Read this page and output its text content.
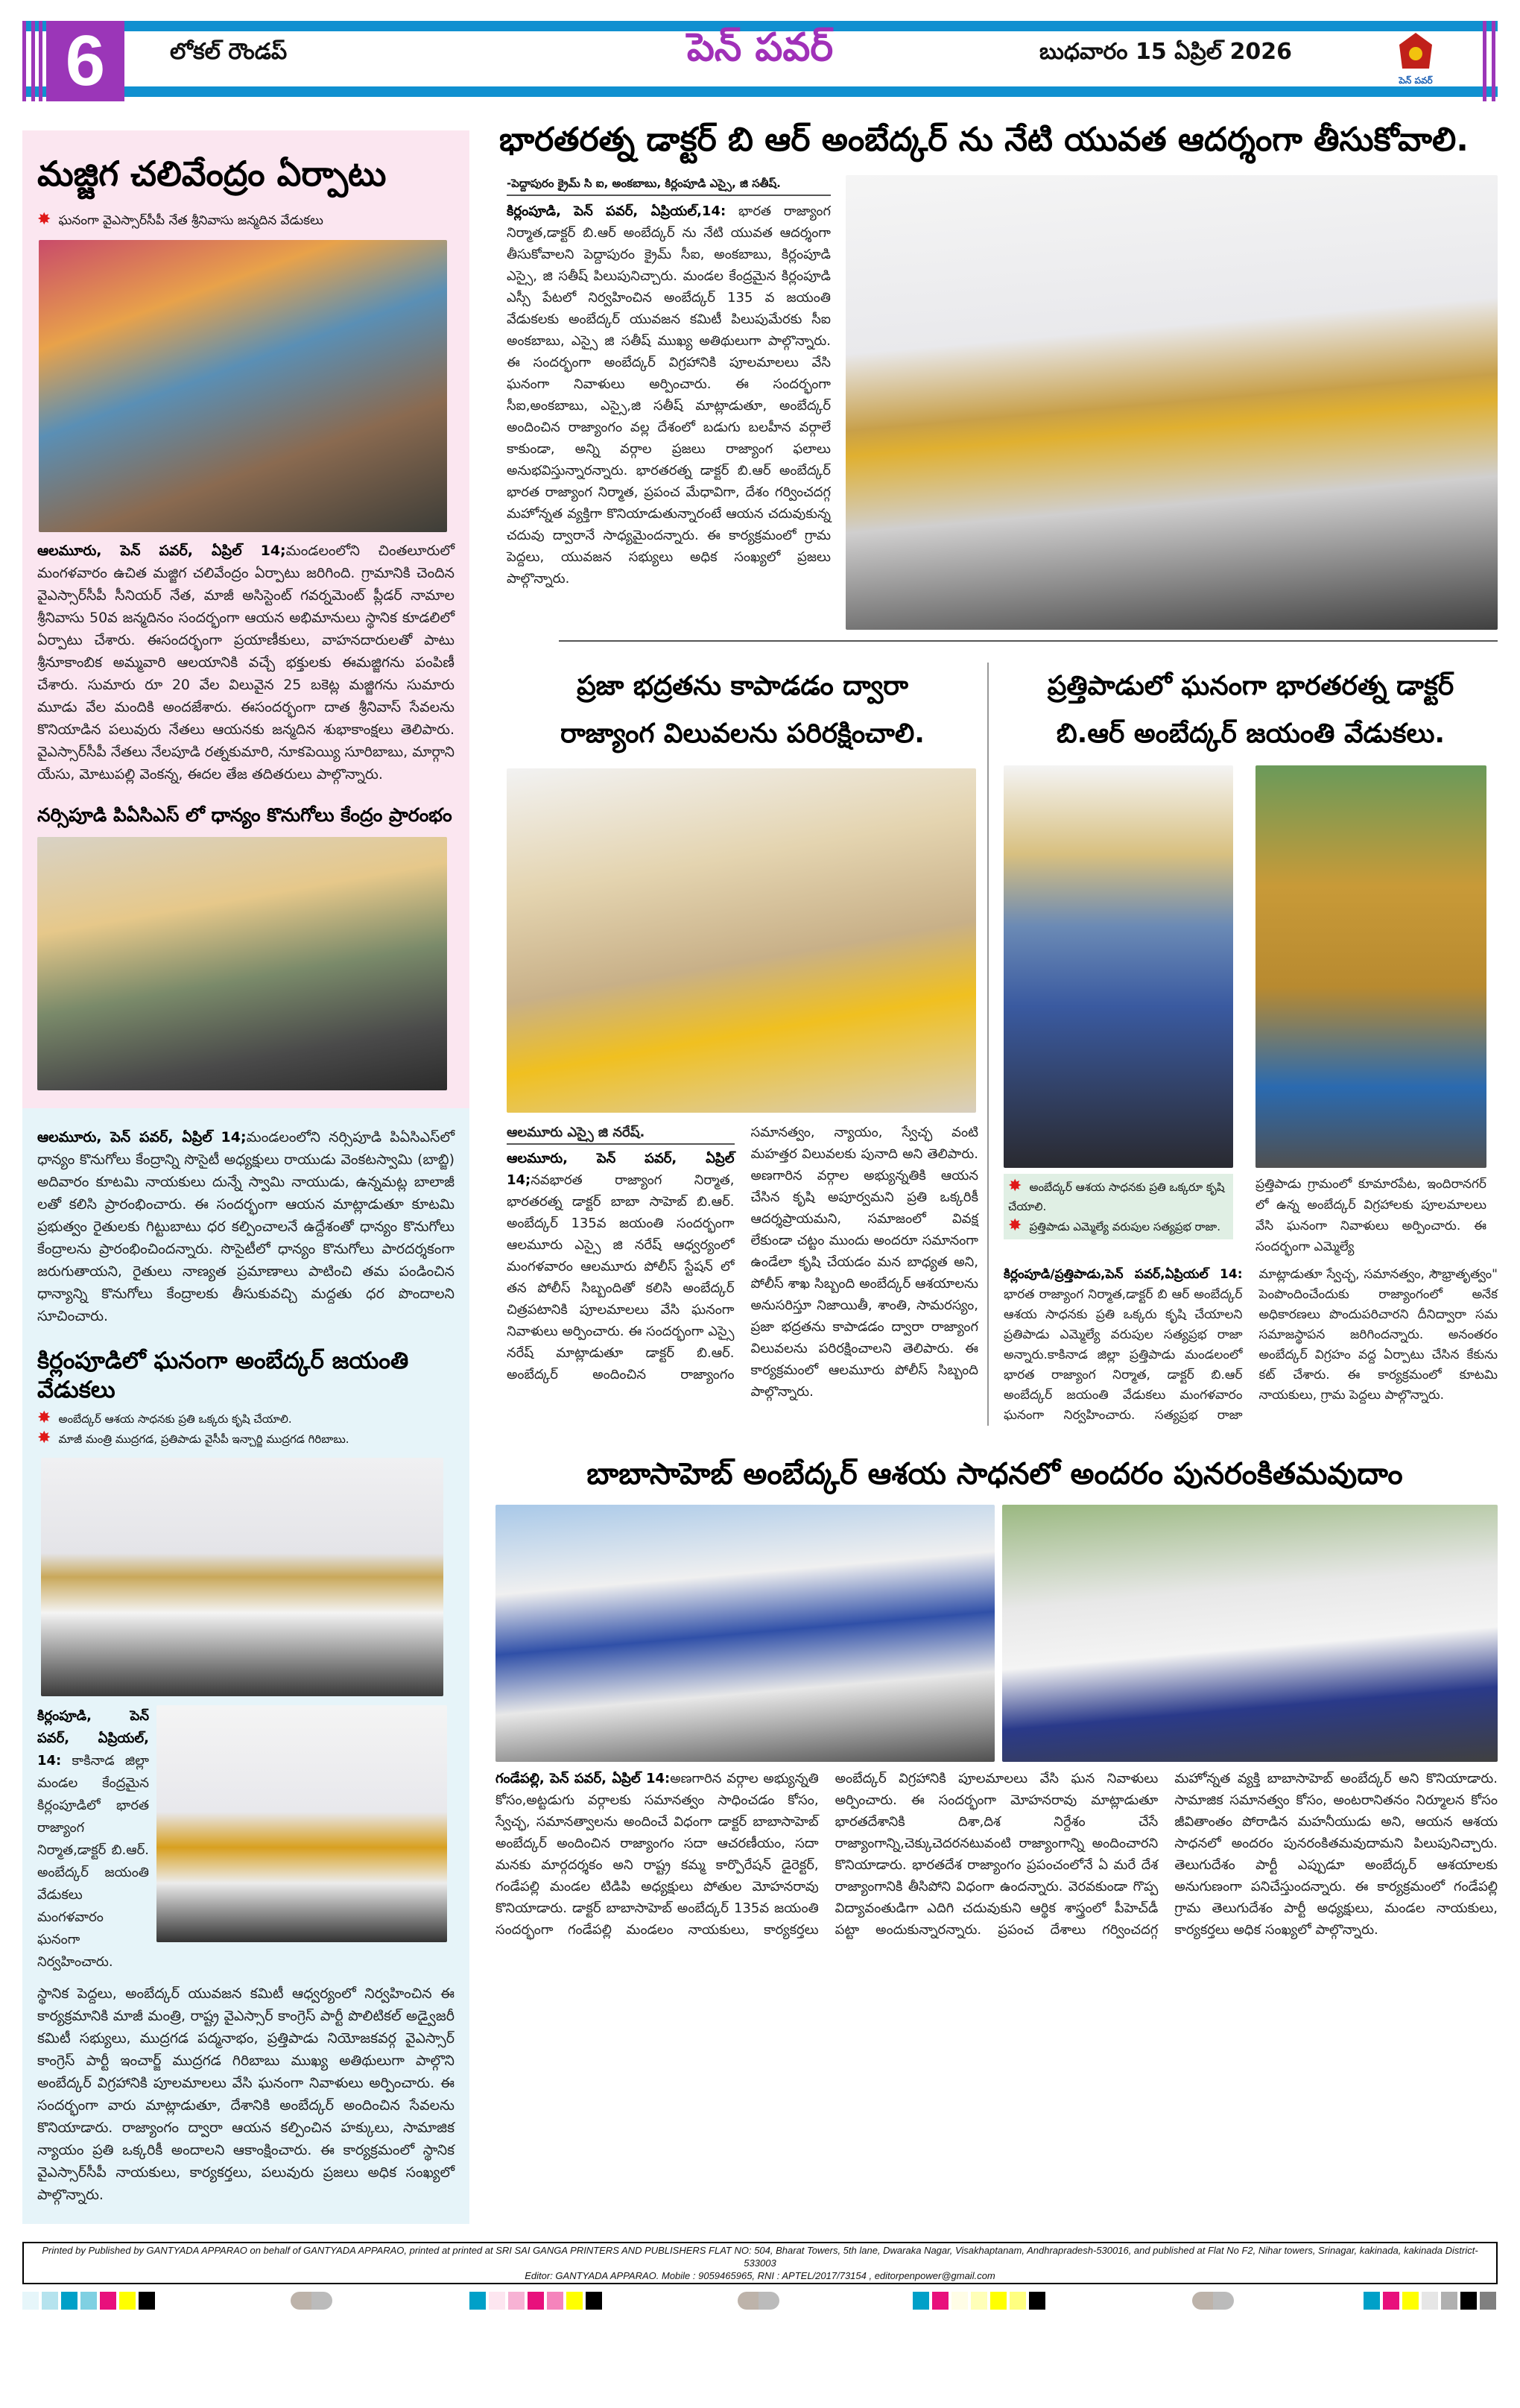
6	లోకల్ రౌండప్	పెన్ పవర్	బుధవారం 15 ఏప్రిల్ 2026
పెన్ పవర్
మజ్జిగ చలివేంద్రం ఏర్పాటు
✸ ఘనంగా వైఎస్సార్‌సీపీ నేత శ్రీనివాసు జన్మదిన వేడుకలు
ఆలమూరు, పెన్ పవర్, ఏప్రిల్ 14;మండలంలోని చింతలూరులో మంగళవారం ఉచిత మజ్జిగ చలివేంద్రం ఏర్పాటు జరిగింది. గ్రామానికి చెందిన వైఎస్సార్‌సీపీ సీనియర్ నేత, మాజీ అసిస్టెంట్ గవర్నమెంట్ ప్లీడర్ నామాల శ్రీనివాసు 50వ జన్మదినం సందర్భంగా ఆయన అభిమానులు స్థానిక కూడలిలో ఏర్పాటు చేశారు. ఈసందర్భంగా ప్రయాణీకులు, వాహనదారులతో పాటు శ్రీనూకాంబిక అమ్మవారి ఆలయానికి వచ్చే భక్తులకు ఈమజ్జిగను పంపిణీ చేశారు. సుమారు రూ 20 వేల విలువైన 25 బకెట్ల మజ్జిగను సుమారు మూడు వేల మందికి అందజేశారు. ఈసందర్భంగా దాత శ్రీనివాస్ సేవలను కొనియాడిన పలువురు నేతలు ఆయనకు జన్మదిన శుభాకాంక్షలు తెలిపారు. వైఎస్సార్‌సీపీ నేతలు నేలపూడి రత్నకుమారి, నూకపెయ్యి సూరిబాబు, మార్గాని యేసు, మోటుపల్లి వెంకన్న, ఈదల తేజ తదితరులు పాల్గొన్నారు.
నర్సిపూడి పిఏసిఎస్ లో ధాన్యం కొనుగోలు కేంద్రం ప్రారంభం
ఆలమూరు, పెన్ పవర్, ఏప్రిల్ 14;మండలంలోని నర్సిపూడి పిఏసిఎస్‌లో ధాన్యం కొనుగోలు కేంద్రాన్ని సొసైటీ అధ్యక్షులు రాయుడు వెంకటస్వామి (బాబ్జి) అదివారం కూటమి నాయకులు దున్నే స్వామి నాయుడు, ఉన్నమట్ల బాలాజీ లతో కలిసి ప్రారంభించారు. ఈ సందర్భంగా ఆయన మాట్లాడుతూ కూటమి ప్రభుత్వం రైతులకు గిట్టుబాటు ధర కల్పించాలనే ఉద్దేశంతో ధాన్యం కొనుగోలు కేంద్రాలను ప్రారంభించిందన్నారు. సొసైటీలో ధాన్యం కొనుగోలు పారదర్శకంగా జరుగుతాయని, రైతులు నాణ్యత ప్రమాణాలు పాటించి తమ పండించిన ధాన్యాన్ని కొనుగోలు కేంద్రాలకు తీసుకువచ్చి మద్దతు ధర పొందాలని సూచించారు.
కిర్లంపూడిలో ఘనంగా అంబేద్కర్ జయంతి వేడుకలు
✸ అంబేద్కర్ ఆశయ సాధనకు ప్రతి ఒక్కరు కృషి చేయాలి.
✸ మాజీ మంత్రి ముద్రగడ, ప్రతిపాడు వైసీపీ ఇన్చార్జి ముద్రగడ గిరిబాబు.
కిర్లంపూడి, పెన్ పవర్, ఏప్రియల్, 14: కాకినాడ జిల్లా మండల కేంద్రమైన కిర్లంపూడిలో భారత రాజ్యాంగ నిర్మాత,డాక్టర్ బి.ఆర్. అంబేద్కర్ జయంతి వేడుకలు మంగళవారం ఘనంగా నిర్వహించారు.
స్థానిక పెద్దలు, అంబేద్కర్ యువజన కమిటీ ఆధ్వర్యంలో నిర్వహించిన ఈ కార్యక్రమానికి మాజీ మంత్రి, రాష్ట్ర వైఎస్సార్ కాంగ్రెస్ పార్టీ పొలిటికల్ అడ్వైజరీ కమిటీ సభ్యులు, ముద్రగడ పద్మనాభం, ప్రత్తిపాడు నియోజకవర్గ వైఎస్సార్ కాంగ్రెస్ పార్టీ ఇంచార్జ్ ముద్రగడ గిరిబాబు ముఖ్య అతిథులుగా పాల్గొని అంబేద్కర్ విగ్రహానికి పూలమాలలు వేసి ఘనంగా నివాళులు అర్పించారు. ఈ సందర్భంగా వారు మాట్లాడుతూ, దేశానికి అంబేద్కర్ అందించిన సేవలను కొనియాడారు. రాజ్యాంగం ద్వారా ఆయన కల్పించిన హక్కులు, సామాజిక న్యాయం ప్రతి ఒక్కరికీ అందాలని ఆకాంక్షించారు. ఈ కార్యక్రమంలో స్థానిక వైఎస్సార్‌సీపీ నాయకులు, కార్యకర్తలు, పలువురు ప్రజలు అధిక సంఖ్యలో పాల్గొన్నారు.
భారతరత్న డాక్టర్ బి ఆర్ అంబేద్కర్ ను నేటి యువత ఆదర్శంగా తీసుకోవాలి.
-పెద్దాపురం క్రైమ్ సి ఐ, అంకబాబు, కిర్లంపూడి ఎస్సై, జి సతీష్.
కిర్లంపూడి, పెన్ పవర్, ఏప్రియల్,14: భారత రాజ్యాంగ నిర్మాత,డాక్టర్ బి.ఆర్ అంబేద్కర్ ను నేటి యువత ఆదర్శంగా తీసుకోవాలని పెద్దాపురం క్రైమ్ సీఐ, అంకబాబు, కిర్లంపూడి ఎస్సై, జి సతీష్ పిలుపునిచ్చారు. మండల కేంద్రమైన కిర్లంపూడి ఎస్సీ పేటలో నిర్వహించిన అంబేద్కర్ 135 వ జయంతి వేడుకలకు అంబేద్కర్ యువజన కమిటీ పిలుపుమేరకు సీఐ అంకబాబు, ఎస్సై జి సతీష్ ముఖ్య అతిథులుగా పాల్గొన్నారు. ఈ సందర్భంగా అంబేద్కర్ విగ్రహానికి పూలమాలలు వేసి ఘనంగా నివాళులు అర్పించారు. ఈ సందర్భంగా సీఐ,అంకబాబు, ఎస్సై,జి సతీష్ మాట్లాడుతూ, అంబేద్కర్ అందించిన రాజ్యాంగం వల్ల దేశంలో బడుగు బలహీన వర్గాలే కాకుండా, అన్ని వర్గాల ప్రజలు రాజ్యాంగ ఫలాలు అనుభవిస్తున్నారన్నారు. భారతరత్న డాక్టర్ బి.ఆర్ అంబేద్కర్ భారత రాజ్యాంగ నిర్మాత, ప్రపంచ మేధావిగా, దేశం గర్వించదగ్గ మహోన్నత వ్యక్తిగా కొనియాడుతున్నారంటే ఆయన చదువుకున్న చదువు ద్వారానే సాధ్యమైందన్నారు. ఈ కార్యక్రమంలో గ్రామ పెద్దలు, యువజన సభ్యులు అధిక సంఖ్యలో ప్రజలు పాల్గొన్నారు.
ప్రజా భద్రతను కాపాడడం ద్వారా
రాజ్యాంగ విలువలను పరిరక్షించాలి.
ఆలమూరు ఎస్సై జి నరేష్.
ఆలమూరు, పెన్ పవర్, ఏప్రిల్ 14;నవభారత రాజ్యాంగ నిర్మాత, భారతరత్న డాక్టర్ బాబా సాహెబ్ బి.ఆర్. అంబేద్కర్ 135వ జయంతి సందర్భంగా ఆలమూరు ఎస్సై జి నరేష్ ఆధ్వర్యంలో మంగళవారం ఆలమూరు పోలీస్ స్టేషన్ లో తన పోలీస్ సిబ్బందితో కలిసి అంబేద్కర్ చిత్రపటానికి పూలమాలలు వేసి ఘనంగా నివాళులు అర్పించారు. ఈ సందర్భంగా ఎస్సై నరేష్ మాట్లాడుతూ డాక్టర్ బి.ఆర్. అంబేద్కర్ అందించిన రాజ్యాంగం సమానత్వం, న్యాయం, స్వేచ్ఛ వంటి మహత్తర విలువలకు పునాది అని తెలిపారు. అణగారిన వర్గాల అభ్యున్నతికి ఆయన చేసిన కృషి అపూర్వమని ప్రతి ఒక్కరికీ ఆదర్శప్రాయమని, సమాజంలో వివక్ష లేకుండా చట్టం ముందు అందరూ సమానంగా ఉండేలా కృషి చేయడం మన బాధ్యత అని, పోలీస్ శాఖ సిబ్బంది అంబేద్కర్ ఆశయాలను అనుసరిస్తూ నిజాయితీ, శాంతి, సామరస్యం, ప్రజా భద్రతను కాపాడడం ద్వారా రాజ్యాంగ విలువలను పరిరక్షించాలని తెలిపారు. ఈ కార్యక్రమంలో ఆలమూరు పోలీస్ సిబ్బంది పాల్గొన్నారు.
ప్రత్తిపాడులో ఘనంగా భారతరత్న డాక్టర్
బి.ఆర్ అంబేద్కర్ జయంతి వేడుకలు.
✸ అంబేద్కర్ ఆశయ సాధనకు ప్రతి ఒక్కరూ కృషి చేయాలి.
✸ ప్రత్తిపాడు ఎమ్మెల్యే వరుపుల సత్యప్రభ రాజా.
ప్రత్తిపాడు గ్రామంలో కూమారపేట, ఇందిరానగర్ లో ఉన్న అంబేద్కర్ విగ్రహాలకు పూలమాలలు వేసి ఘనంగా నివాళులు అర్పించారు. ఈ సందర్భంగా ఎమ్మెల్యే
కిర్లంపూడి/ప్రత్తిపాడు,పెన్ పవర్,ఏప్రియల్ 14: భారత రాజ్యాంగ నిర్మాత,డాక్టర్ బి ఆర్ అంబేద్కర్ ఆశయ సాధనకు ప్రతి ఒక్కరు కృషి చేయాలని ప్రతిపాడు ఎమ్మెల్యే వరుపుల సత్యప్రభ రాజా అన్నారు.కాకినాడ జిల్లా ప్రత్తిపాడు మండలంలో భారత రాజ్యాంగ నిర్మాత, డాక్టర్ బి.ఆర్ అంబేద్కర్ జయంతి వేడుకలు మంగళవారం ఘనంగా నిర్వహించారు. సత్యప్రభ రాజా మాట్లాడుతూ స్వేచ్ఛ, సమానత్వం, సౌభ్రాతృత్వం" పెంపొందించేందుకు రాజ్యాంగంలో అనేక అధికారణలు పొందుపరిచారని దీనిద్వారా సమ సమాజస్థాపన జరిగిందన్నారు. అనంతరం అంబేద్కర్ విగ్రహం వద్ద ఏర్పాటు చేసిన కేకును కట్ చేశారు. ఈ కార్యక్రమంలో కూటమి నాయకులు, గ్రామ పెద్దలు పాల్గొన్నారు.
బాబాసాహెబ్ అంబేద్కర్ ఆశయ సాధనలో అందరం పునరంకితమవుదాం
గండేపల్లి, పెన్ పవర్, ఏప్రిల్ 14:అణగారిన వర్గాల అభ్యున్నతి కోసం,అట్టడుగు వర్గాలకు సమానత్వం సాధించడం కోసం, స్వేచ్ఛ, సమానత్వాలను అందించే విధంగా డాక్టర్ బాబాసాహెబ్ అంబేద్కర్ అందించిన రాజ్యాంగం సదా ఆచరణీయం, సదా మనకు మార్గదర్శకం అని రాష్ట్ర కమ్మ కార్పొరేషన్ డైరెక్టర్, గండేపల్లి మండల టిడిపి అధ్యక్షులు పోతుల మోహనరావు కొనియాడారు. డాక్టర్ బాబాసాహెబ్ అంబేద్కర్ 135వ జయంతి సందర్భంగా గండేపల్లి మండలం నాయకులు, కార్యకర్తలు అంబేద్కర్ విగ్రహానికి పూలమాలలు వేసి ఘన నివాళులు అర్పించారు. ఈ సందర్భంగా మోహనరావు మాట్లాడుతూ భారతదేశానికి దిశా,దిశ నిర్దేశం చేసే రాజ్యాంగాన్ని,చెక్కుచెదరనటువంటి రాజ్యాంగాన్ని అందించారని కొనియాడారు. భారతదేశ రాజ్యాంగం ప్రపంచంలోనే ఏ మరే దేశ రాజ్యాంగానికి తీసిపోని విధంగా ఉందన్నారు. వెరవకుండా గొప్ప విద్యావంతుడిగా ఎదిగి చదువుకుని ఆర్థిక శాస్త్రంలో పీహెచ్‌డీ పట్టా అందుకున్నారన్నారు. ప్రపంచ దేశాలు గర్వించదగ్గ మహోన్నత వ్యక్తి బాబాసాహెబ్ అంబేద్కర్ అని కొనియాడారు. సామాజిక సమానత్వం కోసం, అంటరానితనం నిర్మూలన కోసం జీవితాంతం పోరాడిన మహనీయుడు అని, ఆయన ఆశయ సాధనలో అందరం పునరంకితమవుదామని పిలుపునిచ్చారు. తెలుగుదేశం పార్టీ ఎప్పుడూ అంబేద్కర్ ఆశయాలకు అనుగుణంగా పనిచేస్తుందన్నారు. ఈ కార్యక్రమంలో గండేపల్లి గ్రామ తెలుగుదేశం పార్టీ అధ్యక్షులు, మండల నాయకులు, కార్యకర్తలు అధిక సంఖ్యలో పాల్గొన్నారు.
Printed by Published by GANTYADA APPARAO on behalf of GANTYADA APPARAO, printed at printed at SRI SAI GANGA PRINTERS AND PUBLISHERS FLAT NO: 504, Bharat Towers, 5th lane, Dwaraka Nagar, Visakhaptanam, Andhrapradesh-530016, and published at Flat No F2, Nihar towers, Srinagar, kakinada, kakinada District-533003
Editor: GANTYADA APPARAO. Mobile : 9059465965, RNI : APTEL/2017/73154 , editorpenpower@gmail.com
